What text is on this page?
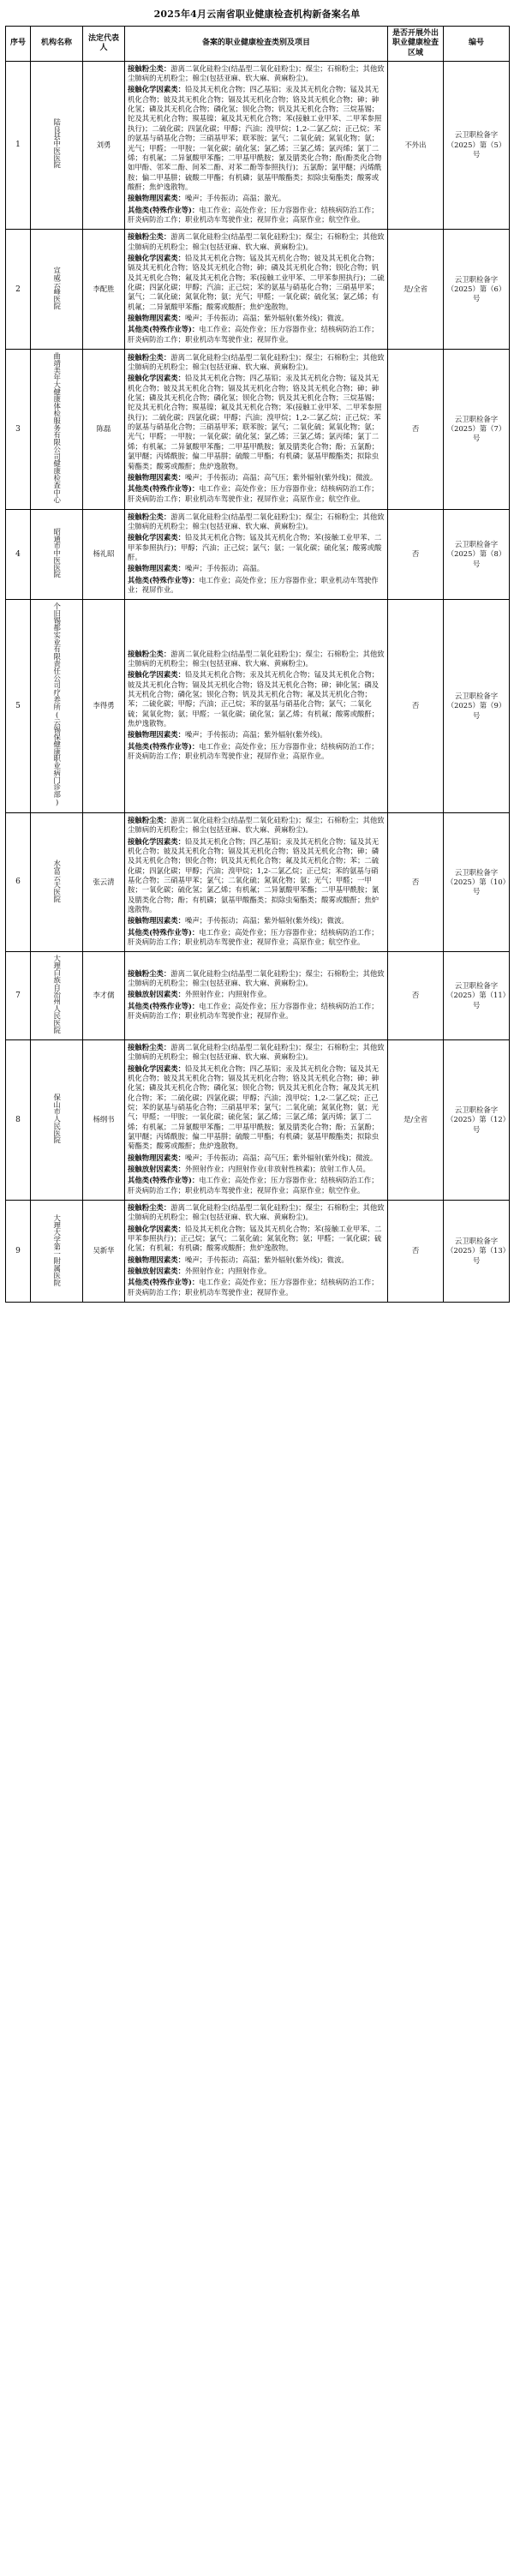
2025年4月云南省职业健康检查机构新备案名单
序号	机构名称	法定代表人	备案的职业健康检查类别及项目	是否开展外出职业健康检查区域	编号
1	陆良县中医医院	刘勇	接触粉尘类：游离二氧化硅粉尘(结晶型二氧化硅粉尘)；煤尘；石棉粉尘；其他致尘肺病的无机粉尘；棉尘(包括亚麻、软大麻、黄麻粉尘)。
接触化学因素类：铅及其无机化合物；四乙基铅；汞及其无机化合物；锰及其无机化合物；铍及其无机化合物；镉及其无机化合物；铬及其无机化合物；砷；砷化氢；磷及其无机化合物；磷化氢；钡化合物；钒及其无机化合物；三烷基锡；铊及其无机化合物；羰基镍；氟及其无机化合物；苯(接触工业甲苯、二甲苯参照执行)；二硫化碳；四氯化碳；甲醇；汽油；溴甲烷；1,2-二氯乙烷；正己烷；苯的氨基与硝基化合物；三硝基甲苯；联苯胺；氯气；二氧化硫；氮氧化物；氨；光气；甲醛；一甲胺；一氧化碳；硫化氢；氯乙烯；三氯乙烯；氯丙烯；氯丁二烯；有机氟；二异氰酸甲苯酯；二甲基甲酰胺；氰及腈类化合物；酚(酚类化合物如甲酚、邻苯二酚、间苯二酚、对苯二酚等参照执行)；五氯酚；氯甲醚；丙烯酰胺；偏二甲基肼；硫酸二甲酯；有机磷；氨基甲酸酯类；拟除虫菊酯类；酸雾或酸酐；焦炉逸散物。
接触物理因素类：噪声；手传振动；高温；激光。
其他类(特殊作业等)：电工作业；高处作业；压力容器作业；结核病防治工作；肝炎病防治工作；职业机动车驾驶作业；视屏作业；高原作业；航空作业。	不外出	云卫职检备字（2025）第（5）号
2	宣威云峰医院	李配胜	接触粉尘类：游离二氧化硅粉尘(结晶型二氧化硅粉尘)；煤尘；石棉粉尘；其他致尘肺病的无机粉尘；棉尘(包括亚麻、软大麻、黄麻粉尘)。
接触化学因素类：铅及其无机化合物；锰及其无机化合物；铍及其无机化合物；镉及其无机化合物；铬及其无机化合物；砷；磷及其无机化合物；钡化合物；钒及其无机化合物；氟及其无机化合物；苯(接触工业甲苯、二甲苯参照执行)；二硫化碳；四氯化碳；甲醇；汽油；正己烷；苯的氨基与硝基化合物；三硝基甲苯；氯气；二氧化硫；氮氧化物；氨；光气；甲醛；一氧化碳；硫化氢；氯乙烯；有机氟；二异氰酸甲苯酯；酸雾或酸酐；焦炉逸散物。
接触物理因素类：噪声；手传振动；高温；紫外辐射(紫外线)；微波。
其他类(特殊作业等)：电工作业；高处作业；压力容器作业；结核病防治工作；肝炎病防治工作；职业机动车驾驶作业；视屏作业。	是/全省	云卫职检备字（2025）第（6）号
3	曲靖美年大健康体检服务有限公司健康检查中心	陈磊	接触粉尘类：游离二氧化硅粉尘(结晶型二氧化硅粉尘)；煤尘；石棉粉尘；其他致尘肺病的无机粉尘；棉尘(包括亚麻、软大麻、黄麻粉尘)。
接触化学因素类：铅及其无机化合物；四乙基铅；汞及其无机化合物；锰及其无机化合物；铍及其无机化合物；镉及其无机化合物；铬及其无机化合物；砷；砷化氢；磷及其无机化合物；磷化氢；钡化合物；钒及其无机化合物；三烷基锡；铊及其无机化合物；羰基镍；氟及其无机化合物；苯(接触工业甲苯、二甲苯参照执行)；二硫化碳；四氯化碳；甲醇；汽油；溴甲烷；1,2-二氯乙烷；正己烷；苯的氨基与硝基化合物；三硝基甲苯；联苯胺；氯气；二氧化硫；氮氧化物；氨；光气；甲醛；一甲胺；一氧化碳；硫化氢；氯乙烯；三氯乙烯；氯丙烯；氯丁二烯；有机氟；二异氰酸甲苯酯；二甲基甲酰胺；氰及腈类化合物；酚；五氯酚；氯甲醚；丙烯酰胺；偏二甲基肼；硫酸二甲酯；有机磷；氨基甲酸酯类；拟除虫菊酯类；酸雾或酸酐；焦炉逸散物。
接触物理因素类：噪声；手传振动；高温；高气压；紫外辐射(紫外线)；微波。
其他类(特殊作业等)：电工作业；高处作业；压力容器作业；结核病防治工作；肝炎病防治工作；职业机动车驾驶作业；视屏作业；高原作业；航空作业。	否	云卫职检备字（2025）第（7）号
4	昭通市中医医院	杨礼昭	接触粉尘类：游离二氧化硅粉尘(结晶型二氧化硅粉尘)；煤尘；石棉粉尘；其他致尘肺病的无机粉尘；棉尘(包括亚麻、软大麻、黄麻粉尘)。
接触化学因素类：铅及其无机化合物；锰及其无机化合物；苯(接触工业甲苯、二甲苯参照执行)；甲醇；汽油；正己烷；氯气；氨；一氧化碳；硫化氢；酸雾或酸酐。
接触物理因素类：噪声；手传振动；高温。
其他类(特殊作业等)：电工作业；高处作业；压力容器作业；职业机动车驾驶作业；视屏作业。	否	云卫职检备字（2025）第（8）号
5	个旧锡都实业有限责任公司疗养所(云锡保健康职业病门诊部)	李得勇	接触粉尘类：游离二氧化硅粉尘(结晶型二氧化硅粉尘)；煤尘；石棉粉尘；其他致尘肺病的无机粉尘；棉尘(包括亚麻、软大麻、黄麻粉尘)。
接触化学因素类：铅及其无机化合物；汞及其无机化合物；锰及其无机化合物；铍及其无机化合物；镉及其无机化合物；铬及其无机化合物；砷；砷化氢；磷及其无机化合物；磷化氢；钡化合物；钒及其无机化合物；氟及其无机化合物；苯；二硫化碳；甲醇；汽油；正己烷；苯的氨基与硝基化合物；氯气；二氧化硫；氮氧化物；氨；甲醛；一氧化碳；硫化氢；氯乙烯；有机氟；酸雾或酸酐；焦炉逸散物。
接触物理因素类：噪声；手传振动；高温；紫外辐射(紫外线)。
其他类(特殊作业等)：电工作业；高处作业；压力容器作业；结核病防治工作；肝炎病防治工作；职业机动车驾驶作业；视屏作业；高原作业。	否	云卫职检备字（2025）第（9）号
6	水富云天医院	张云清	接触粉尘类：游离二氧化硅粉尘(结晶型二氧化硅粉尘)；煤尘；石棉粉尘；其他致尘肺病的无机粉尘；棉尘(包括亚麻、软大麻、黄麻粉尘)。
接触化学因素类：铅及其无机化合物；四乙基铅；汞及其无机化合物；锰及其无机化合物；铍及其无机化合物；镉及其无机化合物；铬及其无机化合物；砷；磷及其无机化合物；钡化合物；钒及其无机化合物；氟及其无机化合物；苯；二硫化碳；四氯化碳；甲醇；汽油；溴甲烷；1,2-二氯乙烷；正己烷；苯的氨基与硝基化合物；三硝基甲苯；氯气；二氧化硫；氮氧化物；氨；光气；甲醛；一甲胺；一氧化碳；硫化氢；氯乙烯；有机氟；二异氰酸甲苯酯；二甲基甲酰胺；氰及腈类化合物；酚；有机磷；氨基甲酸酯类；拟除虫菊酯类；酸雾或酸酐；焦炉逸散物。
接触物理因素类：噪声；手传振动；高温；紫外辐射(紫外线)；微波。
其他类(特殊作业等)：电工作业；高处作业；压力容器作业；结核病防治工作；肝炎病防治工作；职业机动车驾驶作业；视屏作业；高原作业；航空作业。	否	云卫职检备字（2025）第（10）号
7	大理白族自治州人民医院	李才儒	接触粉尘类：游离二氧化硅粉尘(结晶型二氧化硅粉尘)；煤尘；石棉粉尘；其他致尘肺病的无机粉尘；棉尘(包括亚麻、软大麻、黄麻粉尘)。
接触放射因素类：外照射作业；内照射作业。
其他类(特殊作业等)：电工作业；高处作业；压力容器作业；结核病防治工作；肝炎病防治工作；职业机动车驾驶作业；视屏作业。	否	云卫职检备字（2025）第（11）号
8	保山市人民医院	杨纲书	接触粉尘类：游离二氧化硅粉尘(结晶型二氧化硅粉尘)；煤尘；石棉粉尘；其他致尘肺病的无机粉尘；棉尘(包括亚麻、软大麻、黄麻粉尘)。
接触化学因素类：铅及其无机化合物；四乙基铅；汞及其无机化合物；锰及其无机化合物；铍及其无机化合物；镉及其无机化合物；铬及其无机化合物；砷；砷化氢；磷及其无机化合物；磷化氢；钡化合物；钒及其无机化合物；氟及其无机化合物；苯；二硫化碳；四氯化碳；甲醇；汽油；溴甲烷；1,2-二氯乙烷；正己烷；苯的氨基与硝基化合物；三硝基甲苯；氯气；二氧化硫；氮氧化物；氨；光气；甲醛；一甲胺；一氧化碳；硫化氢；氯乙烯；三氯乙烯；氯丙烯；氯丁二烯；有机氟；二异氰酸甲苯酯；二甲基甲酰胺；氰及腈类化合物；酚；五氯酚；氯甲醚；丙烯酰胺；偏二甲基肼；硫酸二甲酯；有机磷；氨基甲酸酯类；拟除虫菊酯类；酸雾或酸酐；焦炉逸散物。
接触物理因素类：噪声；手传振动；高温；高气压；紫外辐射(紫外线)；微波。
接触放射因素类：外照射作业；内照射作业(非放射性核素)；放射工作人员。
其他类(特殊作业等)：电工作业；高处作业；压力容器作业；结核病防治工作；肝炎病防治工作；职业机动车驾驶作业；视屏作业；高原作业；航空作业。	是/全省	云卫职检备字（2025）第（12）号
9	大理大学第一附属医院	吴新华	接触粉尘类：游离二氧化硅粉尘(结晶型二氧化硅粉尘)；煤尘；石棉粉尘；其他致尘肺病的无机粉尘；棉尘(包括亚麻、软大麻、黄麻粉尘)。
接触化学因素类：铅及其无机化合物；锰及其无机化合物；苯(接触工业甲苯、二甲苯参照执行)；正己烷；氯气；二氧化硫；氮氧化物；氨；甲醛；一氧化碳；硫化氢；有机氟；有机磷；酸雾或酸酐；焦炉逸散物。
接触物理因素类：噪声；手传振动；高温；紫外辐射(紫外线)；微波。
接触放射因素类：外照射作业；内照射作业。
其他类(特殊作业等)：电工作业；高处作业；压力容器作业；结核病防治工作；肝炎病防治工作；职业机动车驾驶作业；视屏作业。	否	云卫职检备字（2025）第（13）号
